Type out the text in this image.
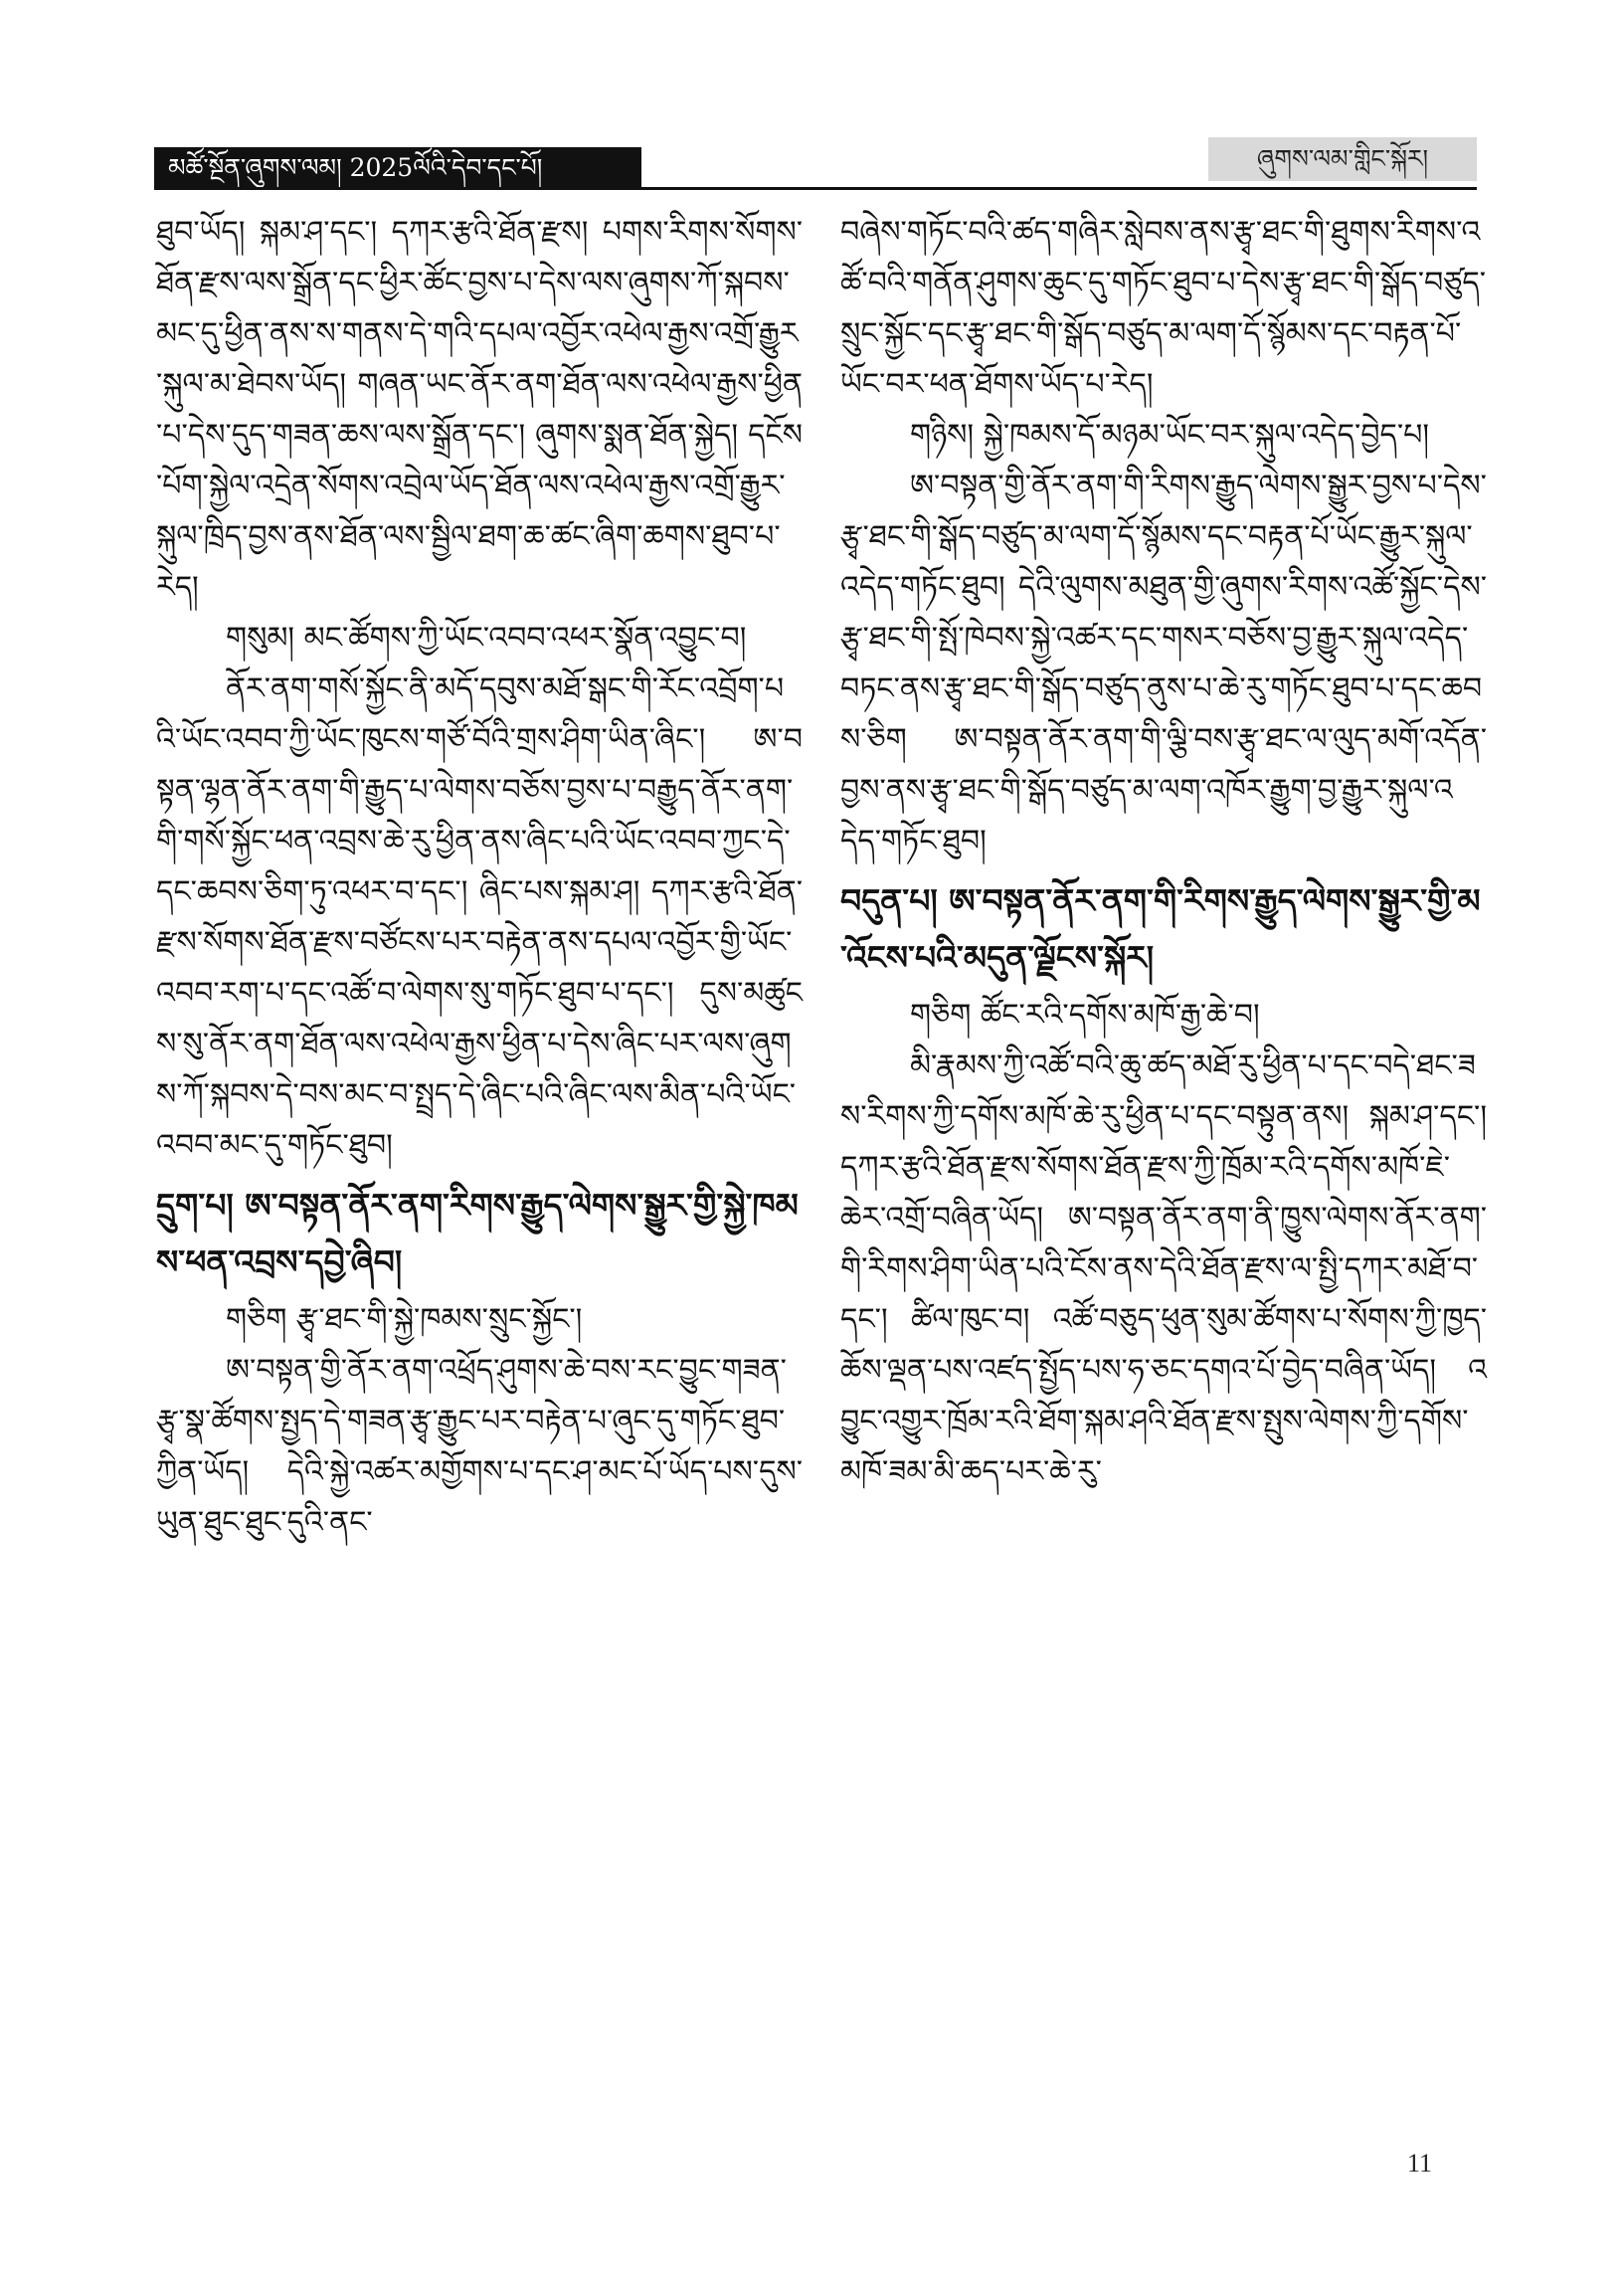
མཚོ་སྔོན་ཞུགས་ལམ། 2025ལོའི་དེབ་དང་པོ།	ཞུགས་ལམ་གླིང་སྐོར།

ཐུབ་ཡོད། སྐམ་ཤ་དང་། དཀར་རྩའི་ཐོན་རྫས། པགས་རིགས་སོགས་ཐོན་རྫས་ལས་སྒྲོན་དང་ཕྱིར་ཚོང་བྱས་པ་དེས་ལས་ཞུགས་ཀོ་སྐབས་མང་དུ་ཕྱིན་ནས་ས་གནས་དེ་གའི་དཔལ་འབྱོར་འཕེལ་རྒྱས་འགྲོ་རྒྱུར་སྐུལ་མ་ཐེབས་ཡོད། གཞན་ཡང་ནོར་ནག་ཐོན་ལས་འཕེལ་རྒྱས་ཕྱིན་པ་དེས་དུད་གཟན་ཆས་ལས་སྒྲོན་དང་། ཞུགས་སྨན་ཐོན་སྐྱེད། དངོས་པོག་སྐྱེལ་འདྲེན་སོགས་འབྲེལ་ཡོད་ཐོན་ལས་འཕེལ་རྒྱས་འགྲོ་རྒྱུར་སྐུལ་ཁྲིད་བྱས་ནས་ཐོན་ལས་སྦྱིལ་ཐག་ཆ་ཚང་ཞིག་ཆགས་ཐུབ་པ་རེད།

གསུམ། མང་ཚོགས་ཀྱི་ཡོང་འབབ་འཕར་སྣོན་འབྱུང་བ།

ནོར་ནག་གསོ་སྐྱོང་ནི་མདོ་དབུས་མཐོ་སྒང་གི་རོང་འབྲོག་པའི་ཡོང་འབབ་ཀྱི་ཡོང་ཁུངས་གཙོ་བོའི་གྲས་ཤིག་ཡིན་ཞིང་། ཨ་བསྟན་ལྷན་ནོར་ནག་གི་རྒྱུད་པ་ལེགས་བཅོས་བྱས་པ་བརྒྱུད་ནོར་ནག་གི་གསོ་སྐྱོང་ཕན་འབྲས་ཆེ་རུ་ཕྱིན་ནས་ཞིང་པའི་ཡོང་འབབ་ཀྱང་དེ་དང་ཆབས་ཅིག་ཏུ་འཕར་བ་དང་། ཞིང་པས་སྐམ་ཤ། དཀར་རྩའི་ཐོན་རྫས་སོགས་ཐོན་རྫས་བཙོངས་པར་བརྟེན་ནས་དཔལ་འབྱོར་གྱི་ཡོང་འབབ་རག་པ་དང་འཚོ་བ་ལེགས་སུ་གཏོང་ཐུབ་པ་དང་། དུས་མཚུངས་སུ་ནོར་ནག་ཐོན་ལས་འཕེལ་རྒྱས་ཕྱིན་པ་དེས་ཞིང་པར་ལས་ཞུགས་ཀོ་སྐབས་དེ་བས་མང་བ་སྤྲད་དེ་ཞིང་པའི་ཞིང་ལས་མིན་པའི་ཡོང་འབབ་མང་དུ་གཏོང་ཐུབ།

དྲུག་པ། ཨ་བསྟན་ནོར་ནག་རིགས་རྒྱུད་ལེགས་སྒྱུར་གྱི་སྐྱེ་ཁམས་ཕན་འབྲས་དབྱེ་ཞིབ།

གཅིག རྩྭ་ཐང་གི་སྐྱེ་ཁམས་སྲུང་སྐྱོང་།

ཨ་བསྟན་གྱི་ནོར་ནག་འཕྲོད་ཤུགས་ཆེ་བས་རང་བྱུང་གཟན་རྩྭ་སྣ་ཚོགས་སྤྱད་དེ་གཟན་རྩྭ་རྒྱུང་པར་བརྟེན་པ་ཞུང་དུ་གཏོང་ཐུབ་ཀྱིན་ཡོད། དེའི་སྐྱེ་འཚར་མགྱོགས་པ་དང་ཤ་མང་པོ་ཡོད་པས་དུས་ཡུན་ཐུང་ཐུང་དུའི་ནང་

བཞེས་གཏོང་བའི་ཚད་གཞིར་སླེབས་ནས་རྩྭ་ཐང་གི་ཐུགས་རིགས་འཚོ་བའི་གནོན་ཤུགས་ཆུང་དུ་གཏོང་ཐུབ་པ་དེས་རྩྭ་ཐང་གི་སྒོད་བཙུད་སྲུང་སྐྱོང་དང་རྩྭ་ཐང་གི་སྒོད་བཙུད་མ་ལག་དོ་སྙོམས་དང་བརྟན་པོ་ཡོང་བར་ཕན་ཐོགས་ཡོད་པ་རེད།

གཉིས། སྐྱེ་ཁམས་དོ་མཉམ་ཡོང་བར་སྐུལ་འདེད་བྱེད་པ།

ཨ་བསྟན་གྱི་ནོར་ནག་གི་རིགས་རྒྱུད་ལེགས་སྒྱུར་བྱས་པ་དེས་རྩྭ་ཐང་གི་སྒོད་བཙུད་མ་ལག་དོ་སྙོམས་དང་བརྟན་པོ་ཡོང་རྒྱུར་སྐུལ་འདེད་གཏོང་ཐུབ། དེའི་ལུགས་མཐུན་གྱི་ཞུགས་རིགས་འཚོ་སྐྱོང་དེས་རྩྭ་ཐང་གི་སྤོ་ཁེབས་སྐྱེ་འཚར་དང་གསར་བཅོས་བྱ་རྒྱུར་སྐུལ་འདེད་བཏང་ནས་རྩྭ་ཐང་གི་སྒོད་བཙུད་ནུས་པ་ཆེ་རུ་གཏོང་ཐུབ་པ་དང་ཆབས་ཅིག ཨ་བསྟན་ནོར་ནག་གི་ལྕི་བས་རྩྭ་ཐང་ལ་ལུད་མགོ་འདོན་བྱས་ནས་རྩྭ་ཐང་གི་སྒོད་བཙུད་མ་ལག་འཁོར་རྒྱུག་བྱ་རྒྱུར་སྐུལ་འདེད་གཏོང་ཐུབ།

བདུན་པ། ཨ་བསྟན་ནོར་ནག་གི་རིགས་རྒྱུད་ལེགས་སྒྱུར་གྱི་མ་འོངས་པའི་མདུན་ལྗོངས་སྐོར།

གཅིག ཚོང་རའི་དགོས་མཁོ་རྒྱ་ཆེ་བ།

མི་རྣམས་ཀྱི་འཚོ་བའི་ཆུ་ཚད་མཐོ་རུ་ཕྱིན་པ་དང་བདེ་ཐང་ཟས་རིགས་ཀྱི་དགོས་མཁོ་ཆེ་རུ་ཕྱིན་པ་དང་བསྟུན་ནས། སྐམ་ཤ་དང་། དཀར་རྩའི་ཐོན་རྫས་སོགས་ཐོན་རྫས་ཀྱི་ཁྲོམ་རའི་དགོས་མཁོ་ཇེ་ཆེར་འགྲོ་བཞིན་ཡོད། ཨ་བསྟན་ནོར་ནག་ནི་ཁྱུས་ལེགས་ནོར་ནག་གི་རིགས་ཤིག་ཡིན་པའི་ངོས་ནས་དེའི་ཐོན་རྫས་ལ་སྤྱི་དཀར་མཐོ་བ་དང་། ཚིལ་ཁུང་བ། འཚོ་བཅུད་ཕུན་སུམ་ཚོགས་པ་སོགས་ཀྱི་ཁྱད་ཆོས་ལྡན་པས་འཛད་སྤྱོད་པས་ཧ་ཅང་དགའ་པོ་བྱེད་བཞིན་ཡོད། འབྱུང་འགྱུར་ཁྲོམ་རའི་ཐོག་སྐམ་ཤའི་ཐོན་རྫས་སྤུས་ལེགས་ཀྱི་དགོས་མཁོ་ཟམ་མི་ཆད་པར་ཆེ་རུ་

11
